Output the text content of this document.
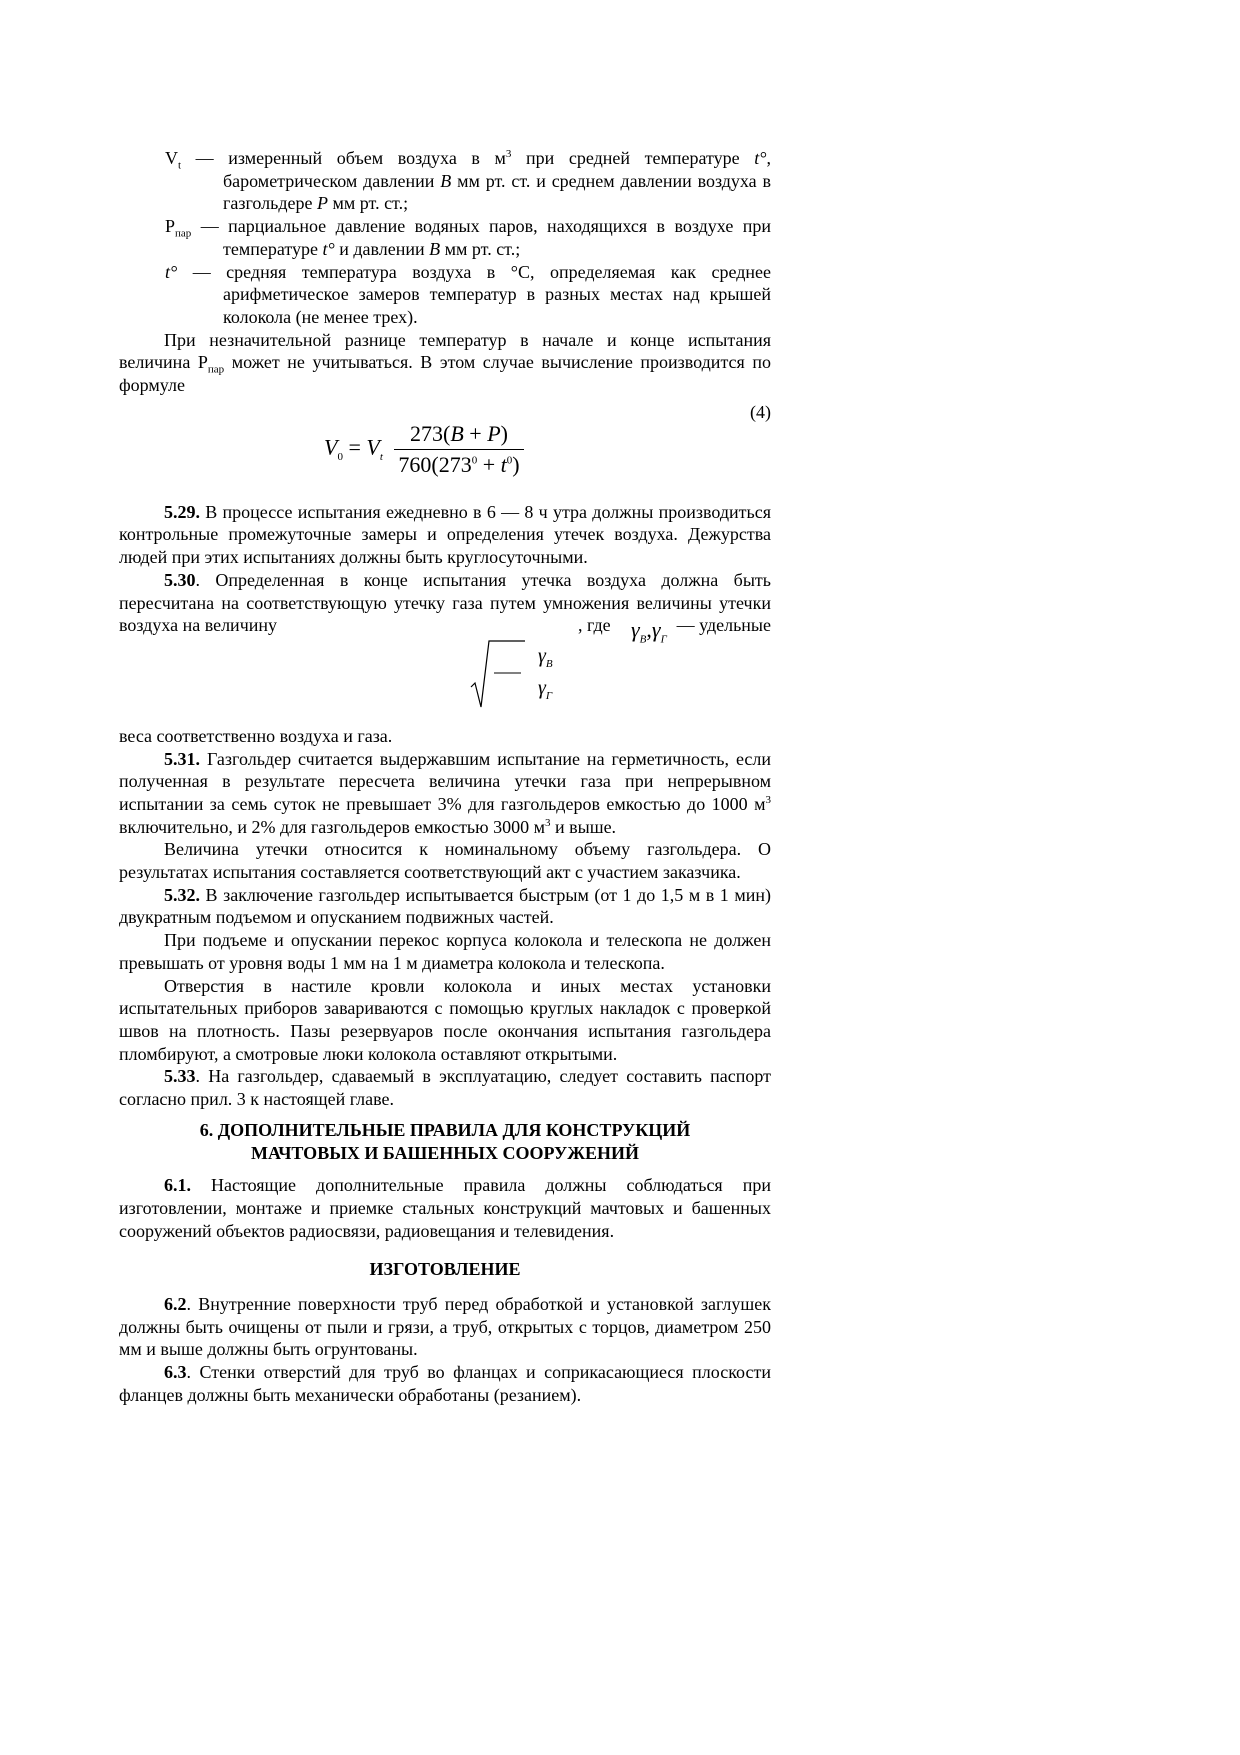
$V_t$ — измеренный объем воздуха в $м^3$ при средней температуре t°, барометрическом давлении B мм рт. ст. и среднем давлении воздуха в газгольдере P мм рт. ст.;

$P_{пар}$ — парциальное давление водяных паров, находящихся в воздухе при температуре t° и давлении B мм рт. ст.;

t° — средняя температура воздуха в °С, определяемая как среднее арифметическое замеров температур в разных местах над крышей колокола (не менее трех).

При незначительной разнице температур в начале и конце испытания величина $Р_{пар}$ может не учитываться. В этом случае вычисление производится по формуле

(4)
$V_0 = V_t \frac{273(B + P)}{760(273^0 + t^0)}$

5.29. В процессе испытания ежедневно в 6 — 8 ч утра должны производиться контрольные промежуточные замеры и определения утечек воздуха. Дежурства людей при этих испытаниях должны быть круглосуточными.

5.30. Определенная в конце испытания утечка воздуха должна быть пересчитана на соответствующую утечку газа путем умножения величины утечки воздуха на величину	, где $\gamma_B,\gamma_Г$
— удельные
$\gamma_B$
$\gamma_Г$

веса соответственно воздуха и газа.

5.31. Газгольдер считается выдержавшим испытание на герметичность, если полученная в результате пересчета величина утечки газа при непрерывном испытании за семь суток не превышает 3% для газгольдеров емкостью до 1000 $м^3$ включительно, и 2% для газгольдеров емкостью 3000 $м^3$ и выше.

Величина утечки относится к номинальному объему газгольдера. О результатах испытания составляется соответствующий акт с участием заказчика.

5.32. В заключение газгольдер испытывается быстрым (от 1 до 1,5 м в 1 мин) двукратным подъемом и опусканием подвижных частей.

При подъеме и опускании перекос корпуса колокола и телескопа не должен превышать от уровня воды 1 мм на 1 м диаметра колокола и телескопа.

Отверстия в настиле кровли колокола и иных местах установки испытательных приборов завариваются с помощью круглых накладок с проверкой швов на плотность. Пазы резервуаров после окончания испытания газгольдера пломбируют, а смотровые люки колокола оставляют открытыми.

5.33. На газгольдер, сдаваемый в эксплуатацию, следует составить паспорт согласно прил. 3 к настоящей главе.

6. ДОПОЛНИТЕЛЬНЫЕ ПРАВИЛА ДЛЯ КОНСТРУКЦИЙ

МАЧТОВЫХ И БАШЕННЫХ СООРУЖЕНИЙ

6.1. Настоящие дополнительные правила должны соблюдаться при изготовлении, монтаже и приемке стальных конструкций мачтовых и башенных сооружений объектов радиосвязи, радиовещания и телевидения.

ИЗГОТОВЛЕНИЕ

6.2. Внутренние поверхности труб перед обработкой и установкой заглушек должны быть очищены от пыли и грязи, а труб, открытых с торцов, диаметром 250 мм и выше должны быть огрунтованы.

6.3. Стенки отверстий для труб во фланцах и соприкасающиеся плоскости фланцев должны быть механически обработаны (резанием).
